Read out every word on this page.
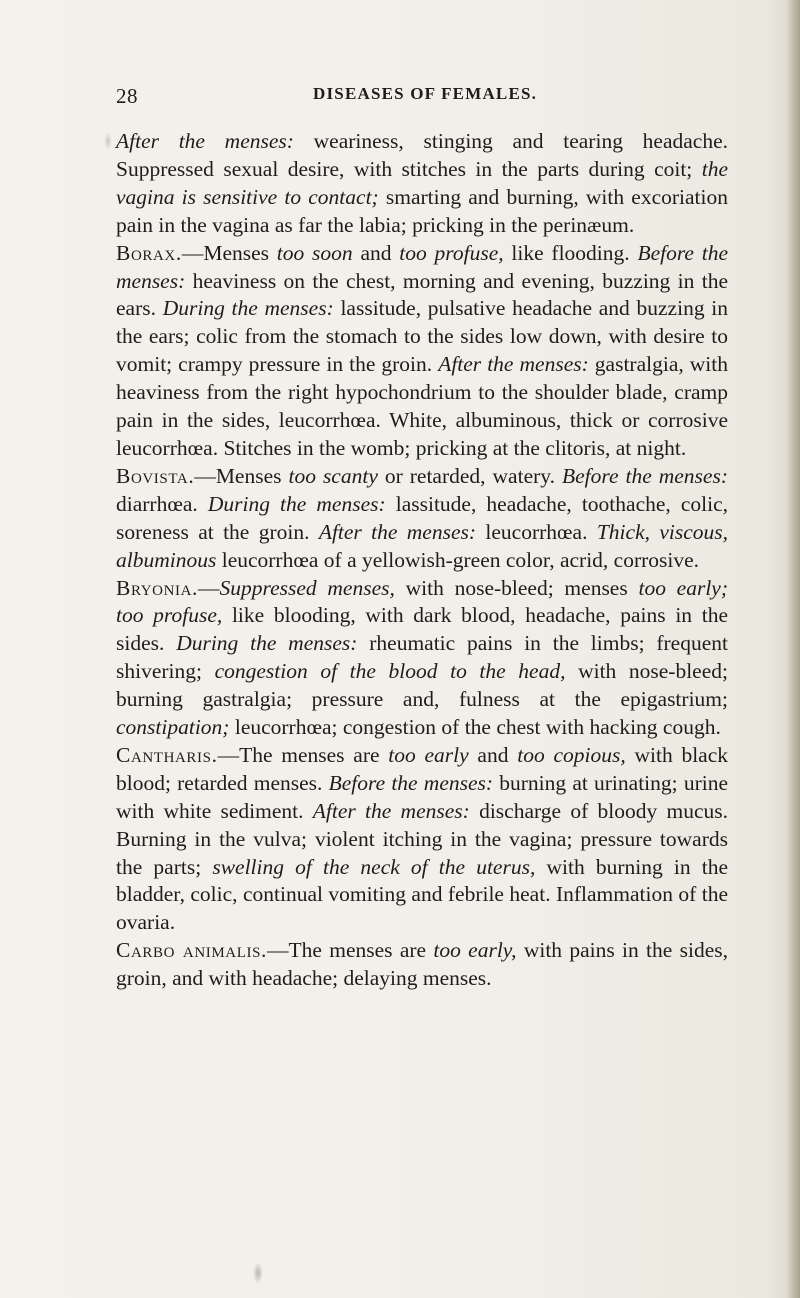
28	DISEASES OF FEMALES.

After the menses: weariness, stinging and tearing headache. Suppressed sexual desire, with stitches in the parts during coit; the vagina is sensitive to contact; smarting and burning, with excoriation pain in the vagina as far the labia; pricking in the perinæum.

Borax.—Menses too soon and too profuse, like flooding. Before the menses: heaviness on the chest, morning and evening, buzzing in the ears. During the menses: lassitude, pulsative headache and buzzing in the ears; colic from the stomach to the sides low down, with desire to vomit; crampy pressure in the groin. After the menses: gastralgia, with heaviness from the right hypochondrium to the shoulder blade, cramp pain in the sides, leucorrhœa. White, albuminous, thick or corrosive leucorrhœa. Stitches in the womb; pricking at the clitoris, at night.

Bovista.—Menses too scanty or retarded, watery. Before the menses: diarrhœa. During the menses: lassitude, headache, toothache, colic, soreness at the groin. After the menses: leucorrhœa. Thick, viscous, albuminous leucorrhœa of a yellowish-green color, acrid, corrosive.

Bryonia.—Suppressed menses, with nose-bleed; menses too early; too profuse, like blooding, with dark blood, headache, pains in the sides. During the menses: rheumatic pains in the limbs; frequent shivering; congestion of the blood to the head, with nose-bleed; burning gastralgia; pressure and, fulness at the epigastrium; constipation; leucorrhœa; congestion of the chest with hacking cough.

Cantharis.—The menses are too early and too copious, with black blood; retarded menses. Before the menses: burning at urinating; urine with white sediment. After the menses: discharge of bloody mucus. Burning in the vulva; violent itching in the vagina; pressure towards the parts; swelling of the neck of the uterus, with burning in the bladder, colic, continual vomiting and febrile heat. Inflammation of the ovaria.

Carbo animalis.—The menses are too early, with pains in the sides, groin, and with headache; delaying menses.
